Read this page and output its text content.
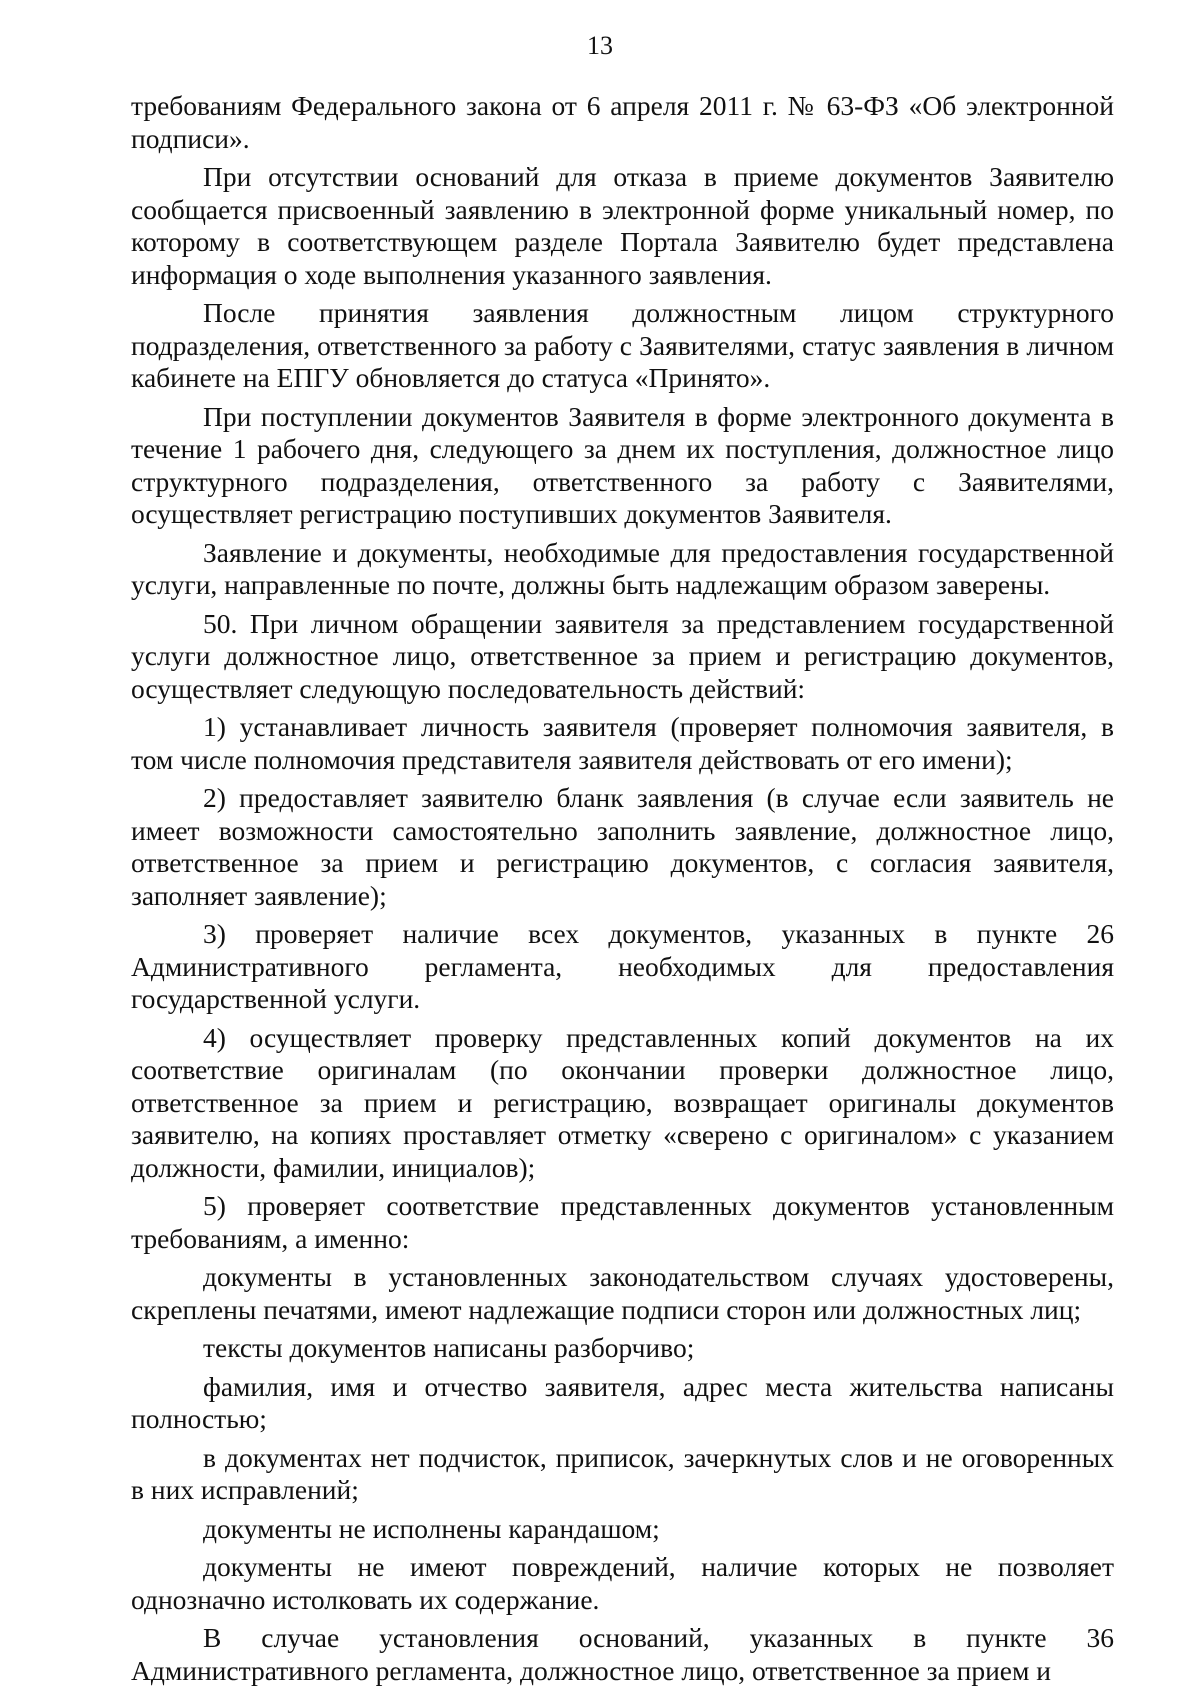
13

требованиям Федерального закона от 6 апреля 2011 г. № 63-ФЗ «Об электронной подписи».

При отсутствии оснований для отказа в приеме документов Заявителю сообщается присвоенный заявлению в электронной форме уникальный номер, по которому в соответствующем разделе Портала Заявителю будет представлена информация о ходе выполнения указанного заявления.

После принятия заявления должностным лицом структурного подразделения, ответственного за работу с Заявителями, статус заявления в личном кабинете на ЕПГУ обновляется до статуса «Принято».

При поступлении документов Заявителя в форме электронного документа в течение 1 рабочего дня, следующего за днем их поступления, должностное лицо структурного подразделения, ответственного за работу с Заявителями, осуществляет регистрацию поступивших документов Заявителя.

Заявление и документы, необходимые для предоставления государственной услуги, направленные по почте, должны быть надлежащим образом заверены.

50. При личном обращении заявителя за представлением государственной услуги должностное лицо, ответственное за прием и регистрацию документов, осуществляет следующую последовательность действий:

1) устанавливает личность заявителя (проверяет полномочия заявителя, в том числе полномочия представителя заявителя действовать от его имени);

2) предоставляет заявителю бланк заявления (в случае если заявитель не имеет возможности самостоятельно заполнить заявление, должностное лицо, ответственное за прием и регистрацию документов, с согласия заявителя, заполняет заявление);

3) проверяет наличие всех документов, указанных в пункте 26 Административного регламента, необходимых для предоставления государственной услуги.

4) осуществляет проверку представленных копий документов на их соответствие оригиналам (по окончании проверки должностное лицо, ответственное за прием и регистрацию, возвращает оригиналы документов заявителю, на копиях проставляет отметку «сверено с оригиналом» с указанием должности, фамилии, инициалов);

5) проверяет соответствие представленных документов установленным требованиям, а именно:

документы в установленных законодательством случаях удостоверены, скреплены печатями, имеют надлежащие подписи сторон или должностных лиц;

тексты документов написаны разборчиво;

фамилия, имя и отчество заявителя, адрес места жительства написаны полностью;

в документах нет подчисток, приписок, зачеркнутых слов и не оговоренных в них исправлений;

документы не исполнены карандашом;

документы не имеют повреждений, наличие которых не позволяет однозначно истолковать их содержание.

В случае установления оснований, указанных в пункте 36 Административного регламента, должностное лицо, ответственное за прием и
